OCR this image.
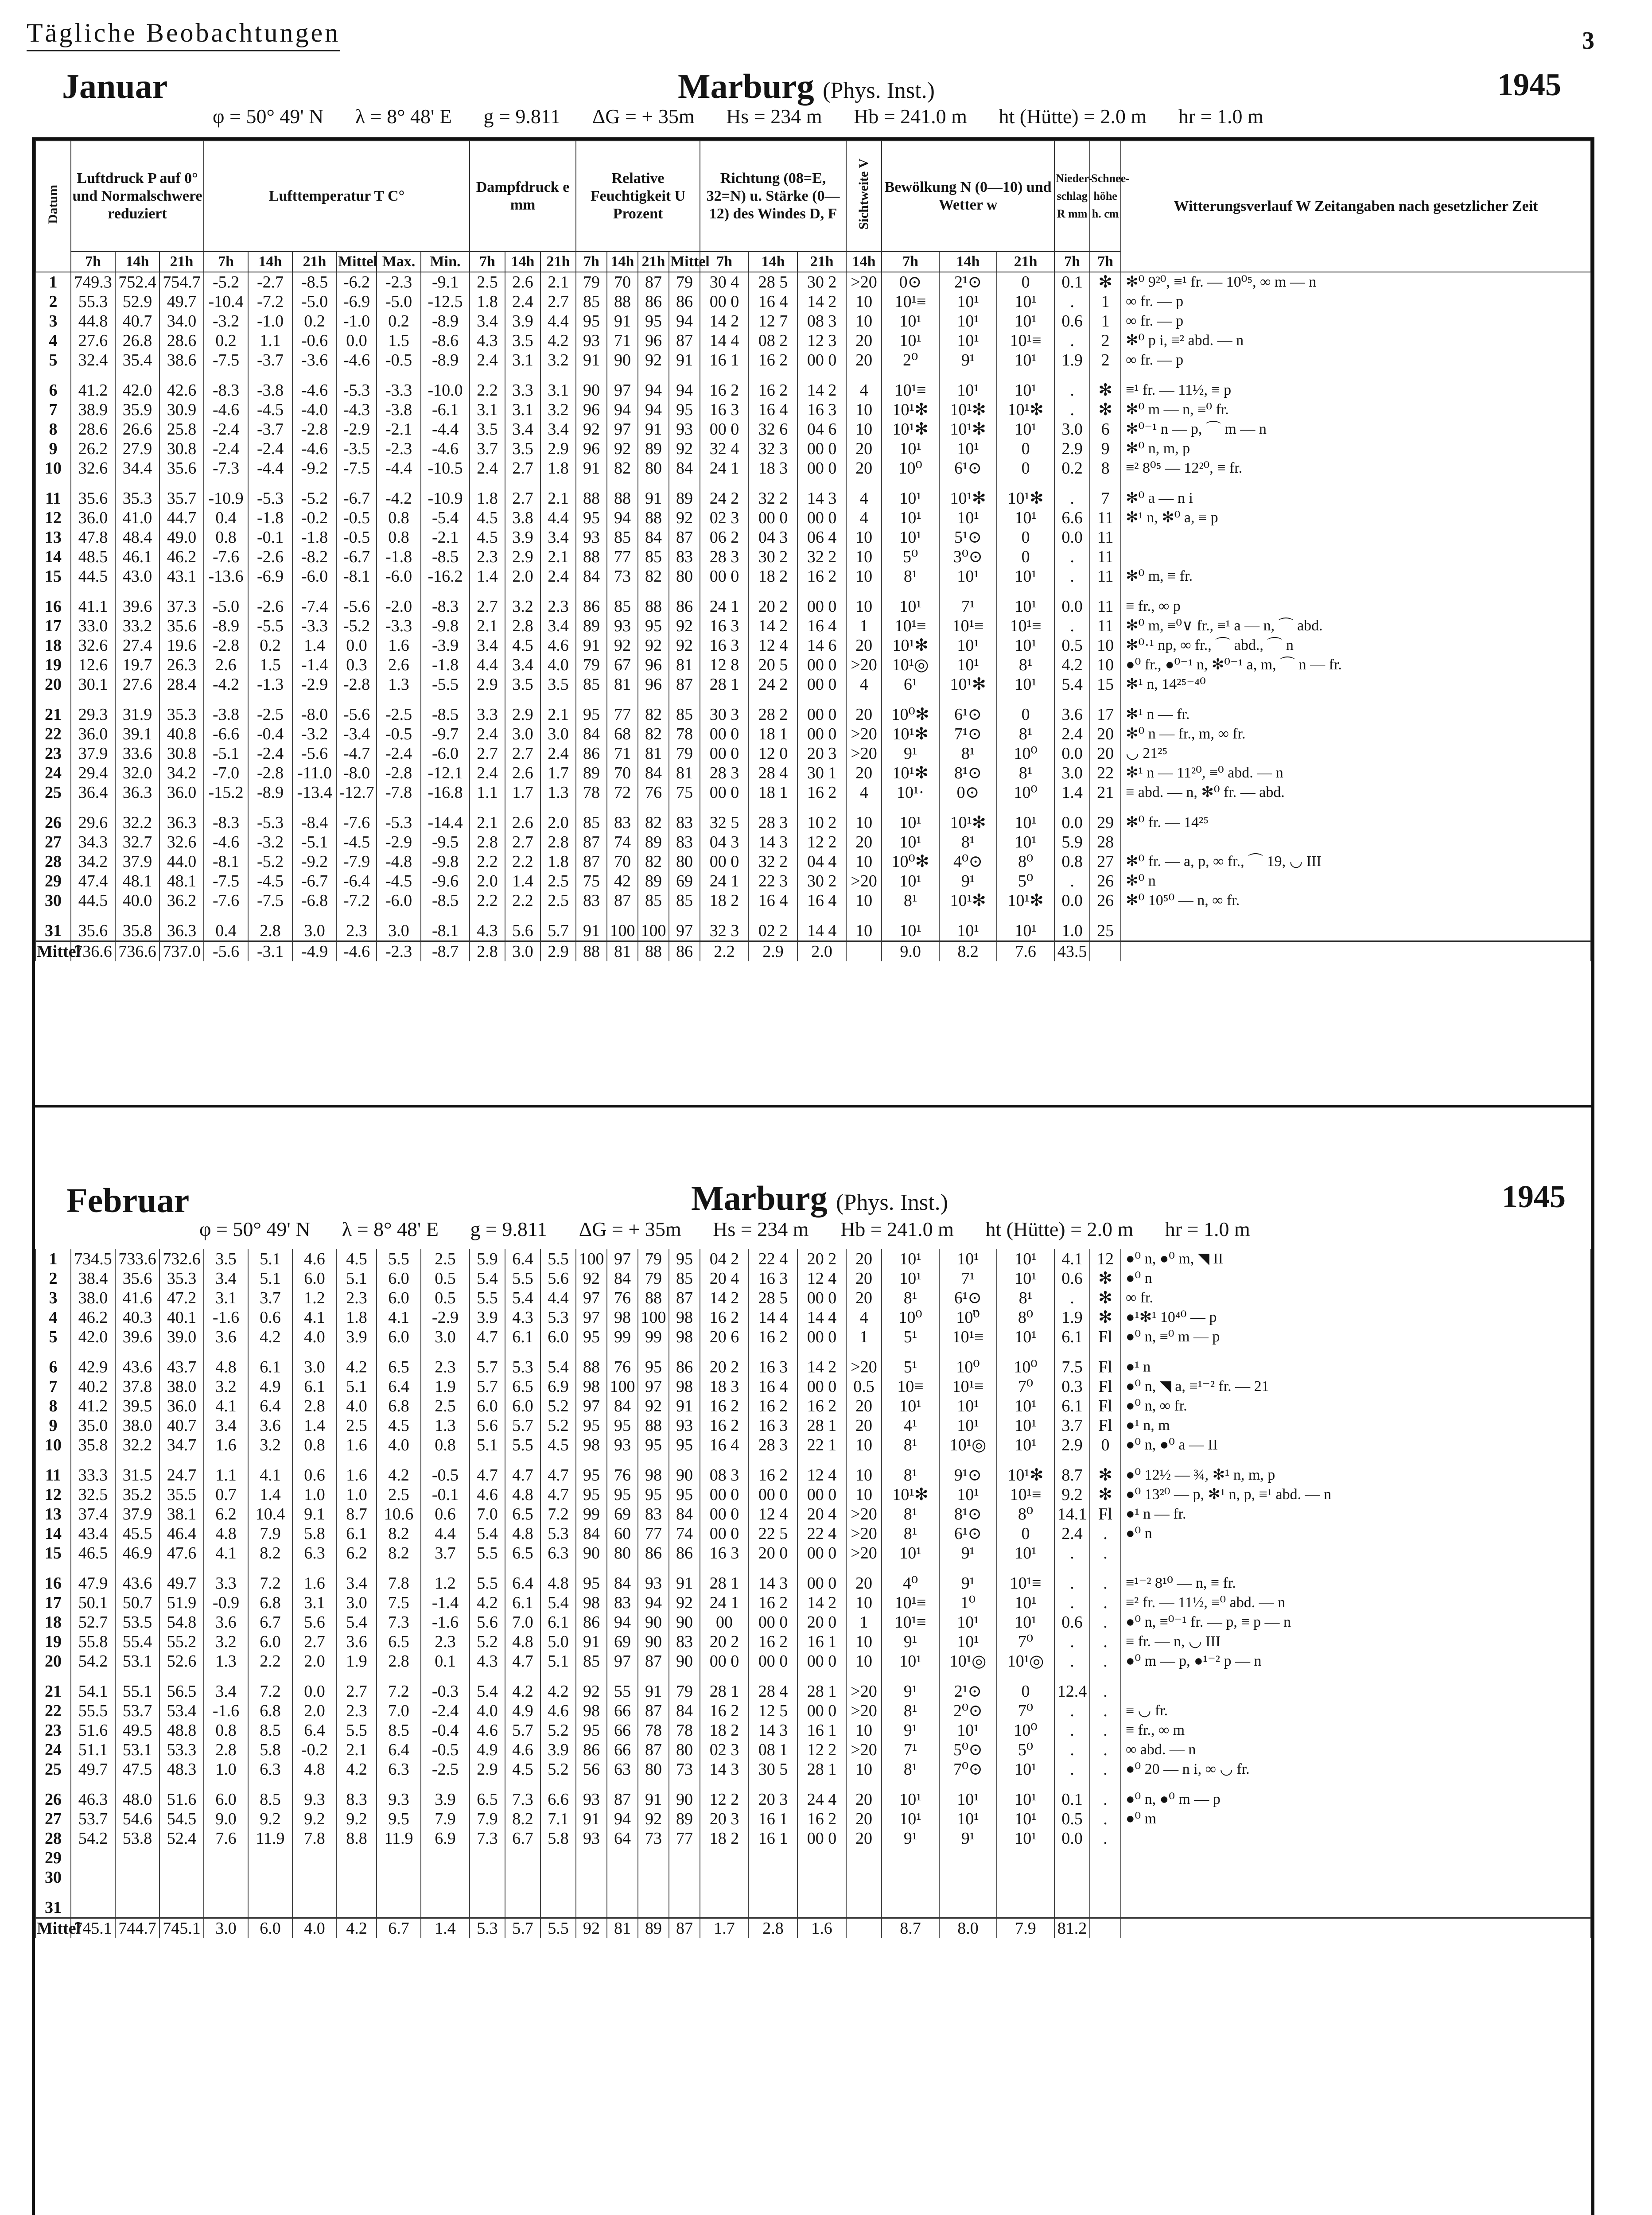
Tägliche Beobachtungen	3
Januar	Marburg (Phys. Inst.)	1945
φ = 50° 49' N λ = 8° 48' E g = 9.811 ΔG = + 35m Hs = 234 m Hb = 241.0 m ht (Hütte) = 2.0 m hr = 1.0 m
Datum	Luftdruck P auf 0° und Normalschwere reduziert			Lufttemperatur T C°						Dampfdruck e mm			Relative Feuchtigkeit U Prozent				Richtung (08=E, 32=N) u. Stärke (0—12) des Windes D, F			Sichtweite V	Bewölkung N (0—10) und Wetter w			Nieder-schlag R mm	Schnee-höhe h. cm	Witterungsverlauf W Zeitangaben nach gesetzlicher Zeit
	7h	14h	21h	7h	14h	21h	Mittel	Max.	Min.	7h	14h	21h	7h	14h	21h	Mittel	7h	14h	21h	14h	7h	14h	21h	7h	7h	
1	749.3	752.4	754.7	-5.2	-2.7	-8.5	-6.2	-2.3	-9.1	2.5	2.6	2.1	79	70	87	79	30 4	28 5	30 2	>20	0⊙	2¹⊙	0	0.1	✻	✻⁰ 9²⁰, ≡¹ fr. — 10⁰⁵, ∞ m — n
2	55.3	52.9	49.7	-10.4	-7.2	-5.0	-6.9	-5.0	-12.5	1.8	2.4	2.7	85	88	86	86	00 0	16 4	14 2	10	10¹≡	10¹	10¹	.	1	∞ fr. — p
3	44.8	40.7	34.0	-3.2	-1.0	0.2	-1.0	0.2	-8.9	3.4	3.9	4.4	95	91	95	94	14 2	12 7	08 3	10	10¹	10¹	10¹	0.6	1	∞ fr. — p
4	27.6	26.8	28.6	0.2	1.1	-0.6	0.0	1.5	-8.6	4.3	3.5	4.2	93	71	96	87	14 4	08 2	12 3	20	10¹	10¹	10¹≡	.	2	✻⁰ p i, ≡² abd. — n
5	32.4	35.4	38.6	-7.5	-3.7	-3.6	-4.6	-0.5	-8.9	2.4	3.1	3.2	91	90	92	91	16 1	16 2	00 0	20	2⁰	9¹	10¹	1.9	2	∞ fr. — p

6	41.2	42.0	42.6	-8.3	-3.8	-4.6	-5.3	-3.3	-10.0	2.2	3.3	3.1	90	97	94	94	16 2	16 2	14 2	4	10¹≡	10¹	10¹	.	✻	≡¹ fr. — 11½, ≡ p
7	38.9	35.9	30.9	-4.6	-4.5	-4.0	-4.3	-3.8	-6.1	3.1	3.1	3.2	96	94	94	95	16 3	16 4	16 3	10	10¹✻	10¹✻	10¹✻	.	✻	✻⁰ m — n, ≡⁰ fr.
8	28.6	26.6	25.8	-2.4	-3.7	-2.8	-2.9	-2.1	-4.4	3.5	3.4	3.4	92	97	91	93	00 0	32 6	04 6	10	10¹✻	10¹✻	10¹	3.0	6	✻⁰⁻¹ n — p, ⌒ m — n
9	26.2	27.9	30.8	-2.4	-2.4	-4.6	-3.5	-2.3	-4.6	3.7	3.5	2.9	96	92	89	92	32 4	32 3	00 0	20	10¹	10¹	0	2.9	9	✻⁰ n, m, p
10	32.6	34.4	35.6	-7.3	-4.4	-9.2	-7.5	-4.4	-10.5	2.4	2.7	1.8	91	82	80	84	24 1	18 3	00 0	20	10⁰	6¹⊙	0	0.2	8	≡² 8⁰⁵ — 12²⁰, ≡ fr.

11	35.6	35.3	35.7	-10.9	-5.3	-5.2	-6.7	-4.2	-10.9	1.8	2.7	2.1	88	88	91	89	24 2	32 2	14 3	4	10¹	10¹✻	10¹✻	.	7	✻⁰ a — n i
12	36.0	41.0	44.7	0.4	-1.8	-0.2	-0.5	0.8	-5.4	4.5	3.8	4.4	95	94	88	92	02 3	00 0	00 0	4	10¹	10¹	10¹	6.6	11	✻¹ n, ✻⁰ a, ≡ p
13	47.8	48.4	49.0	0.8	-0.1	-1.8	-0.5	0.8	-2.1	4.5	3.9	3.4	93	85	84	87	06 2	04 3	06 4	10	10¹	5¹⊙	0	0.0	11	
14	48.5	46.1	46.2	-7.6	-2.6	-8.2	-6.7	-1.8	-8.5	2.3	2.9	2.1	88	77	85	83	28 3	30 2	32 2	10	5⁰	3⁰⊙	0	.	11	
15	44.5	43.0	43.1	-13.6	-6.9	-6.0	-8.1	-6.0	-16.2	1.4	2.0	2.4	84	73	82	80	00 0	18 2	16 2	10	8¹	10¹	10¹	.	11	✻⁰ m, ≡ fr.

16	41.1	39.6	37.3	-5.0	-2.6	-7.4	-5.6	-2.0	-8.3	2.7	3.2	2.3	86	85	88	86	24 1	20 2	00 0	10	10¹	7¹	10¹	0.0	11	≡ fr., ∞ p
17	33.0	33.2	35.6	-8.9	-5.5	-3.3	-5.2	-3.3	-9.8	2.1	2.8	3.4	89	93	95	92	16 3	14 2	16 4	1	10¹≡	10¹≡	10¹≡	.	11	✻⁰ m, ≡⁰∨ fr., ≡¹ a — n, ⌒ abd.
18	32.6	27.4	19.6	-2.8	0.2	1.4	0.0	1.6	-3.9	3.4	4.5	4.6	91	92	92	92	16 3	12 4	14 6	20	10¹✻	10¹	10¹	0.5	10	✻⁰·¹ np, ∞ fr., ⌒ abd., ⌒ n
19	12.6	19.7	26.3	2.6	1.5	-1.4	0.3	2.6	-1.8	4.4	3.4	4.0	79	67	96	81	12 8	20 5	00 0	>20	10¹◎	10¹	8¹	4.2	10	●⁰ fr., ●⁰⁻¹ n, ✻⁰⁻¹ a, m, ⌒ n — fr.
20	30.1	27.6	28.4	-4.2	-1.3	-2.9	-2.8	1.3	-5.5	2.9	3.5	3.5	85	81	96	87	28 1	24 2	00 0	4	6¹	10¹✻	10¹	5.4	15	✻¹ n, 14²⁵⁻⁴⁰

21	29.3	31.9	35.3	-3.8	-2.5	-8.0	-5.6	-2.5	-8.5	3.3	2.9	2.1	95	77	82	85	30 3	28 2	00 0	20	10⁰✻	6¹⊙	0	3.6	17	✻¹ n — fr.
22	36.0	39.1	40.8	-6.6	-0.4	-3.2	-3.4	-0.5	-9.7	2.4	3.0	3.0	84	68	82	78	00 0	18 1	00 0	>20	10¹✻	7¹⊙	8¹	2.4	20	✻⁰ n — fr., m, ∞ fr.
23	37.9	33.6	30.8	-5.1	-2.4	-5.6	-4.7	-2.4	-6.0	2.7	2.7	2.4	86	71	81	79	00 0	12 0	20 3	>20	9¹	8¹	10⁰	0.0	20	◡ 21²⁵
24	29.4	32.0	34.2	-7.0	-2.8	-11.0	-8.0	-2.8	-12.1	2.4	2.6	1.7	89	70	84	81	28 3	28 4	30 1	20	10¹✻	8¹⊙	8¹	3.0	22	✻¹ n — 11²⁰, ≡⁰ abd. — n
25	36.4	36.3	36.0	-15.2	-8.9	-13.4	-12.7	-7.8	-16.8	1.1	1.7	1.3	78	72	76	75	00 0	18 1	16 2	4	10¹·	0⊙	10⁰	1.4	21	≡ abd. — n, ✻⁰ fr. — abd.

26	29.6	32.2	36.3	-8.3	-5.3	-8.4	-7.6	-5.3	-14.4	2.1	2.6	2.0	85	83	82	83	32 5	28 3	10 2	10	10¹	10¹✻	10¹	0.0	29	✻⁰ fr. — 14²⁵
27	34.3	32.7	32.6	-4.6	-3.2	-5.1	-4.5	-2.9	-9.5	2.8	2.7	2.8	87	74	89	83	04 3	14 3	12 2	20	10¹	8¹	10¹	5.9	28	
28	34.2	37.9	44.0	-8.1	-5.2	-9.2	-7.9	-4.8	-9.8	2.2	2.2	1.8	87	70	82	80	00 0	32 2	04 4	10	10⁰✻	4⁰⊙	8⁰	0.8	27	✻⁰ fr. — a, p, ∞ fr., ⌒ 19, ◡ III
29	47.4	48.1	48.1	-7.5	-4.5	-6.7	-6.4	-4.5	-9.6	2.0	1.4	2.5	75	42	89	69	24 1	22 3	30 2	>20	10¹	9¹	5⁰	.	26	✻⁰ n
30	44.5	40.0	36.2	-7.6	-7.5	-6.8	-7.2	-6.0	-8.5	2.2	2.2	2.5	83	87	85	85	18 2	16 4	16 4	10	8¹	10¹✻	10¹✻	0.0	26	✻⁰ 10⁵⁰ — n, ∞ fr.

31	35.6	35.8	36.3	0.4	2.8	3.0	2.3	3.0	-8.1	4.3	5.6	5.7	91	100	100	97	32 3	02 2	14 4	10	10¹	10¹	10¹	1.0	25	
Mittel	736.6	736.6	737.0	-5.6	-3.1	-4.9	-4.6	-2.3	-8.7	2.8	3.0	2.9	88	81	88	86	2.2	2.9	2.0		9.0	8.2	7.6	43.5		
Februar	Marburg (Phys. Inst.)	1945
φ = 50° 49' N λ = 8° 48' E g = 9.811 ΔG = + 35m Hs = 234 m Hb = 241.0 m ht (Hütte) = 2.0 m hr = 1.0 m
1	734.5	733.6	732.6	3.5	5.1	4.6	4.5	5.5	2.5	5.9	6.4	5.5	100	97	79	95	04 2	22 4	20 2	20	10¹	10¹	10¹	4.1	12	●⁰ n, ●⁰ m, ◥ II
2	38.4	35.6	35.3	3.4	5.1	6.0	5.1	6.0	0.5	5.4	5.5	5.6	92	84	79	85	20 4	16 3	12 4	20	10¹	7¹	10¹	0.6	✻	●⁰ n
3	38.0	41.6	47.2	3.1	3.7	1.2	2.3	6.0	0.5	5.5	5.4	4.4	97	76	88	87	14 2	28 5	00 0	20	8¹	6¹⊙	8¹	.	✻	∞ fr.
4	46.2	40.3	40.1	-1.6	0.6	4.1	1.8	4.1	-2.9	3.9	4.3	5.3	97	98	100	98	16 2	14 4	14 4	4	10⁰	10⁰̈	8⁰	1.9	✻	●¹✻¹ 10⁴⁰ — p
5	42.0	39.6	39.0	3.6	4.2	4.0	3.9	6.0	3.0	4.7	6.1	6.0	95	99	99	98	20 6	16 2	00 0	1	5¹	10¹≡	10¹	6.1	Fl	●⁰ n, ≡⁰ m — p

6	42.9	43.6	43.7	4.8	6.1	3.0	4.2	6.5	2.3	5.7	5.3	5.4	88	76	95	86	20 2	16 3	14 2	>20	5¹	10⁰	10⁰	7.5	Fl	●¹ n
7	40.2	37.8	38.0	3.2	4.9	6.1	5.1	6.4	1.9	5.7	6.5	6.9	98	100	97	98	18 3	16 4	00 0	0.5	10≡	10¹≡	7⁰	0.3	Fl	●⁰ n, ◥ a, ≡¹⁻² fr. — 21
8	41.2	39.5	36.0	4.1	6.4	2.8	4.0	6.8	2.5	6.0	6.0	5.2	97	84	92	91	16 2	16 2	16 2	20	10¹	10¹	10¹	6.1	Fl	●⁰ n, ∞ fr.
9	35.0	38.0	40.7	3.4	3.6	1.4	2.5	4.5	1.3	5.6	5.7	5.2	95	95	88	93	16 2	16 3	28 1	20	4¹	10¹	10¹	3.7	Fl	●¹ n, m
10	35.8	32.2	34.7	1.6	3.2	0.8	1.6	4.0	0.8	5.1	5.5	4.5	98	93	95	95	16 4	28 3	22 1	10	8¹	10¹◎	10¹	2.9	0	●⁰ n, ●⁰ a — II

11	33.3	31.5	24.7	1.1	4.1	0.6	1.6	4.2	-0.5	4.7	4.7	4.7	95	76	98	90	08 3	16 2	12 4	10	8¹	9¹⊙	10¹✻	8.7	✻	●⁰ 12½ — ¾, ✻¹ n, m, p
12	32.5	35.2	35.5	0.7	1.4	1.0	1.0	2.5	-0.1	4.6	4.8	4.7	95	95	95	95	00 0	00 0	00 0	10	10¹✻	10¹	10¹≡	9.2	✻	●⁰ 13²⁰ — p, ✻¹ n, p, ≡¹ abd. — n
13	37.4	37.9	38.1	6.2	10.4	9.1	8.7	10.6	0.6	7.0	6.5	7.2	99	69	83	84	00 0	12 4	20 4	>20	8¹	8¹⊙	8⁰	14.1	Fl	●¹ n — fr.
14	43.4	45.5	46.4	4.8	7.9	5.8	6.1	8.2	4.4	5.4	4.8	5.3	84	60	77	74	00 0	22 5	22 4	>20	8¹	6¹⊙	0	2.4	.	●⁰ n
15	46.5	46.9	47.6	4.1	8.2	6.3	6.2	8.2	3.7	5.5	6.5	6.3	90	80	86	86	16 3	20 0	00 0	>20	10¹	9¹	10¹	.	.	

16	47.9	43.6	49.7	3.3	7.2	1.6	3.4	7.8	1.2	5.5	6.4	4.8	95	84	93	91	28 1	14 3	00 0	20	4⁰	9¹	10¹≡	.	.	≡¹⁻² 8¹⁰ — n, ≡ fr.
17	50.1	50.7	51.9	-0.9	6.8	3.1	3.0	7.5	-1.4	4.2	6.1	5.4	98	83	94	92	24 1	16 2	14 2	10	10¹≡	1⁰	10¹	.	.	≡² fr. — 11½, ≡⁰ abd. — n
18	52.7	53.5	54.8	3.6	6.7	5.6	5.4	7.3	-1.6	5.6	7.0	6.1	86	94	90	90	00	00 0	20 0	1	10¹≡	10¹	10¹	0.6	.	●⁰ n, ≡⁰⁻¹ fr. — p, ≡ p — n
19	55.8	55.4	55.2	3.2	6.0	2.7	3.6	6.5	2.3	5.2	4.8	5.0	91	69	90	83	20 2	16 2	16 1	10	9¹	10¹	7⁰	.	.	≡ fr. — n, ◡ III
20	54.2	53.1	52.6	1.3	2.2	2.0	1.9	2.8	0.1	4.3	4.7	5.1	85	97	87	90	00 0	00 0	00 0	10	10¹	10¹◎	10¹◎	.	.	●⁰ m — p, ●¹⁻² p — n

21	54.1	55.1	56.5	3.4	7.2	0.0	2.7	7.2	-0.3	5.4	4.2	4.2	92	55	91	79	28 1	28 4	28 1	>20	9¹	2¹⊙	0	12.4	.	
22	55.5	53.7	53.4	-1.6	6.8	2.0	2.3	7.0	-2.4	4.0	4.9	4.6	98	66	87	84	16 2	12 5	00 0	>20	8¹	2⁰⊙	7⁰	.	.	≡ ◡ fr.
23	51.6	49.5	48.8	0.8	8.5	6.4	5.5	8.5	-0.4	4.6	5.7	5.2	95	66	78	78	18 2	14 3	16 1	10	9¹	10¹	10⁰	.	.	≡ fr., ∞ m
24	51.1	53.1	53.3	2.8	5.8	-0.2	2.1	6.4	-0.5	4.9	4.6	3.9	86	66	87	80	02 3	08 1	12 2	>20	7¹	5⁰⊙	5⁰	.	.	∞ abd. — n
25	49.7	47.5	48.3	1.0	6.3	4.8	4.2	6.3	-2.5	2.9	4.5	5.2	56	63	80	73	14 3	30 5	28 1	10	8¹	7⁰⊙	10¹	.	.	●⁰ 20 — n i, ∞ ◡ fr.

26	46.3	48.0	51.6	6.0	8.5	9.3	8.3	9.3	3.9	6.5	7.3	6.6	93	87	91	90	12 2	20 3	24 4	20	10¹	10¹	10¹	0.1	.	●⁰ n, ●⁰ m — p
27	53.7	54.6	54.5	9.0	9.2	9.2	9.2	9.5	7.9	7.9	8.2	7.1	91	94	92	89	20 3	16 1	16 2	20	10¹	10¹	10¹	0.5	.	●⁰ m
28	54.2	53.8	52.4	7.6	11.9	7.8	8.8	11.9	6.9	7.3	6.7	5.8	93	64	73	77	18 2	16 1	00 0	20	9¹	9¹	10¹	0.0	.	
29																										
30																										

31																										
Mittel	745.1	744.7	745.1	3.0	6.0	4.0	4.2	6.7	1.4	5.3	5.7	5.5	92	81	89	87	1.7	2.8	1.6		8.7	8.0	7.9	81.2		
